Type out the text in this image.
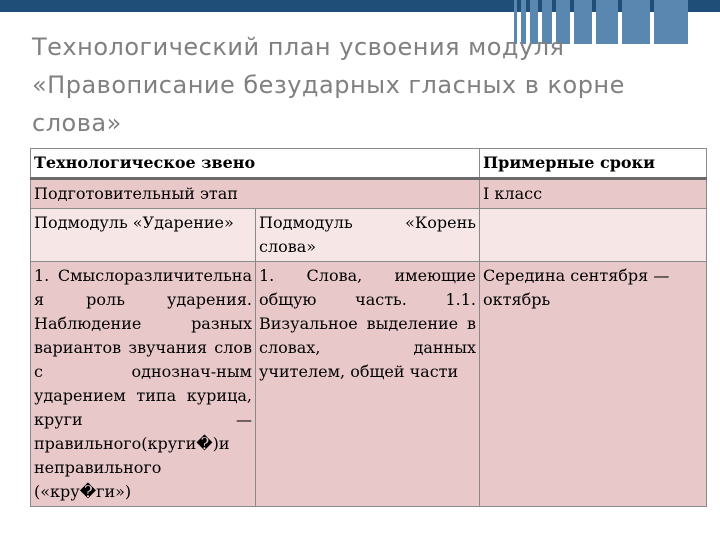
Технологический план усвоения модуля «Правописание безударных гласных в корне слова»
Технологическое звено		Примерные сроки
Подготовительный этап		I класс
Подмодуль «Ударение»	Подмодуль «Корень слова»	
1. Смыслоразличительна я роль ударения. Наблюдение разных вариантов звучания слов с однознач-ным ударением типа курица, круги — правильного(круги�)и неправильного («кру�ги»)	1. Слова, имеющие общую часть. 1.1. Визуальное выделение в словах, данных учителем, общей части	Середина сентября — октябрь
